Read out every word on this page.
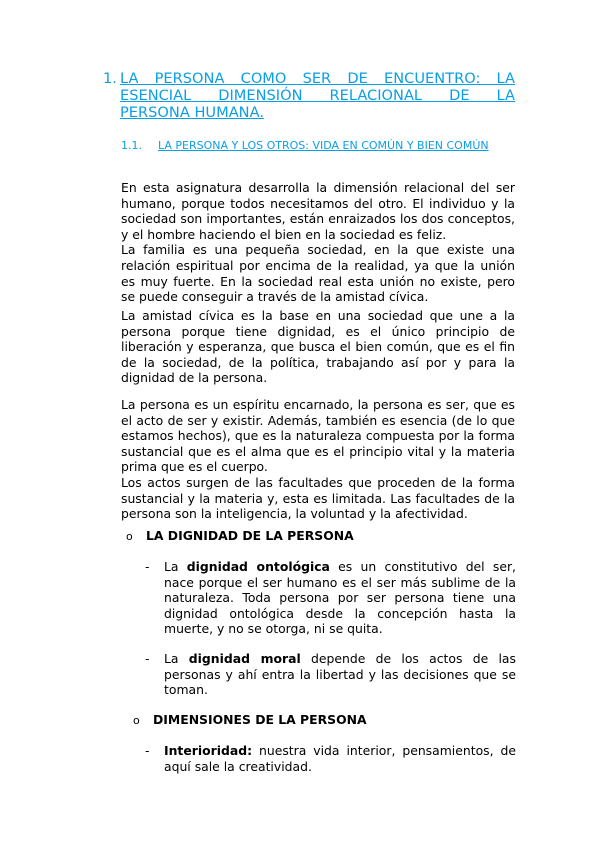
1. LA PERSONA COMO SER DE ENCUENTRO: LA
ESENCIAL DIMENSIÓN RELACIONAL DE LA
PERSONA HUMANA.
1.1.	LA PERSONA Y LOS OTROS: VIDA EN COMÚN Y BIEN COMÚN

En esta asignatura desarrolla la dimensión relacional del ser humano, porque todos necesitamos del otro. El individuo y la sociedad son importantes, están enraizados los dos conceptos, y el hombre haciendo el bien en la sociedad es feliz.

La familia es una pequeña sociedad, en la que existe una relación espiritual por encima de la realidad, ya que la unión es muy fuerte. En la sociedad real esta unión no existe, pero se puede conseguir a través de la amistad cívica.

La amistad cívica es la base en una sociedad que une a la persona porque tiene dignidad, es el único principio de liberación y esperanza, que busca el bien común, que es el fin de la sociedad, de la política, trabajando así por y para la dignidad de la persona.

La persona es un espíritu encarnado, la persona es ser, que es el acto de ser y existir. Además, también es esencia (de lo que estamos hechos), que es la naturaleza compuesta por la forma sustancial que es el alma que es el principio vital y la materia prima que es el cuerpo.

Los actos surgen de las facultades que proceden de la forma sustancial y la materia y, esta es limitada. Las facultades de la persona son la inteligencia, la voluntad y la afectividad.

o	LA DIGNIDAD DE LA PERSONA
-	La dignidad ontológica es un constitutivo del ser, nace porque el ser humano es el ser más sublime de la naturaleza. Toda persona por ser persona tiene una dignidad ontológica desde la concepción hasta la muerte, y no se otorga, ni se quita.
-	La dignidad moral depende de los actos de las personas y ahí entra la libertad y las decisiones que se toman.
o	DIMENSIONES DE LA PERSONA
-	Interioridad: nuestra vida interior, pensamientos, de aquí sale la creatividad.
